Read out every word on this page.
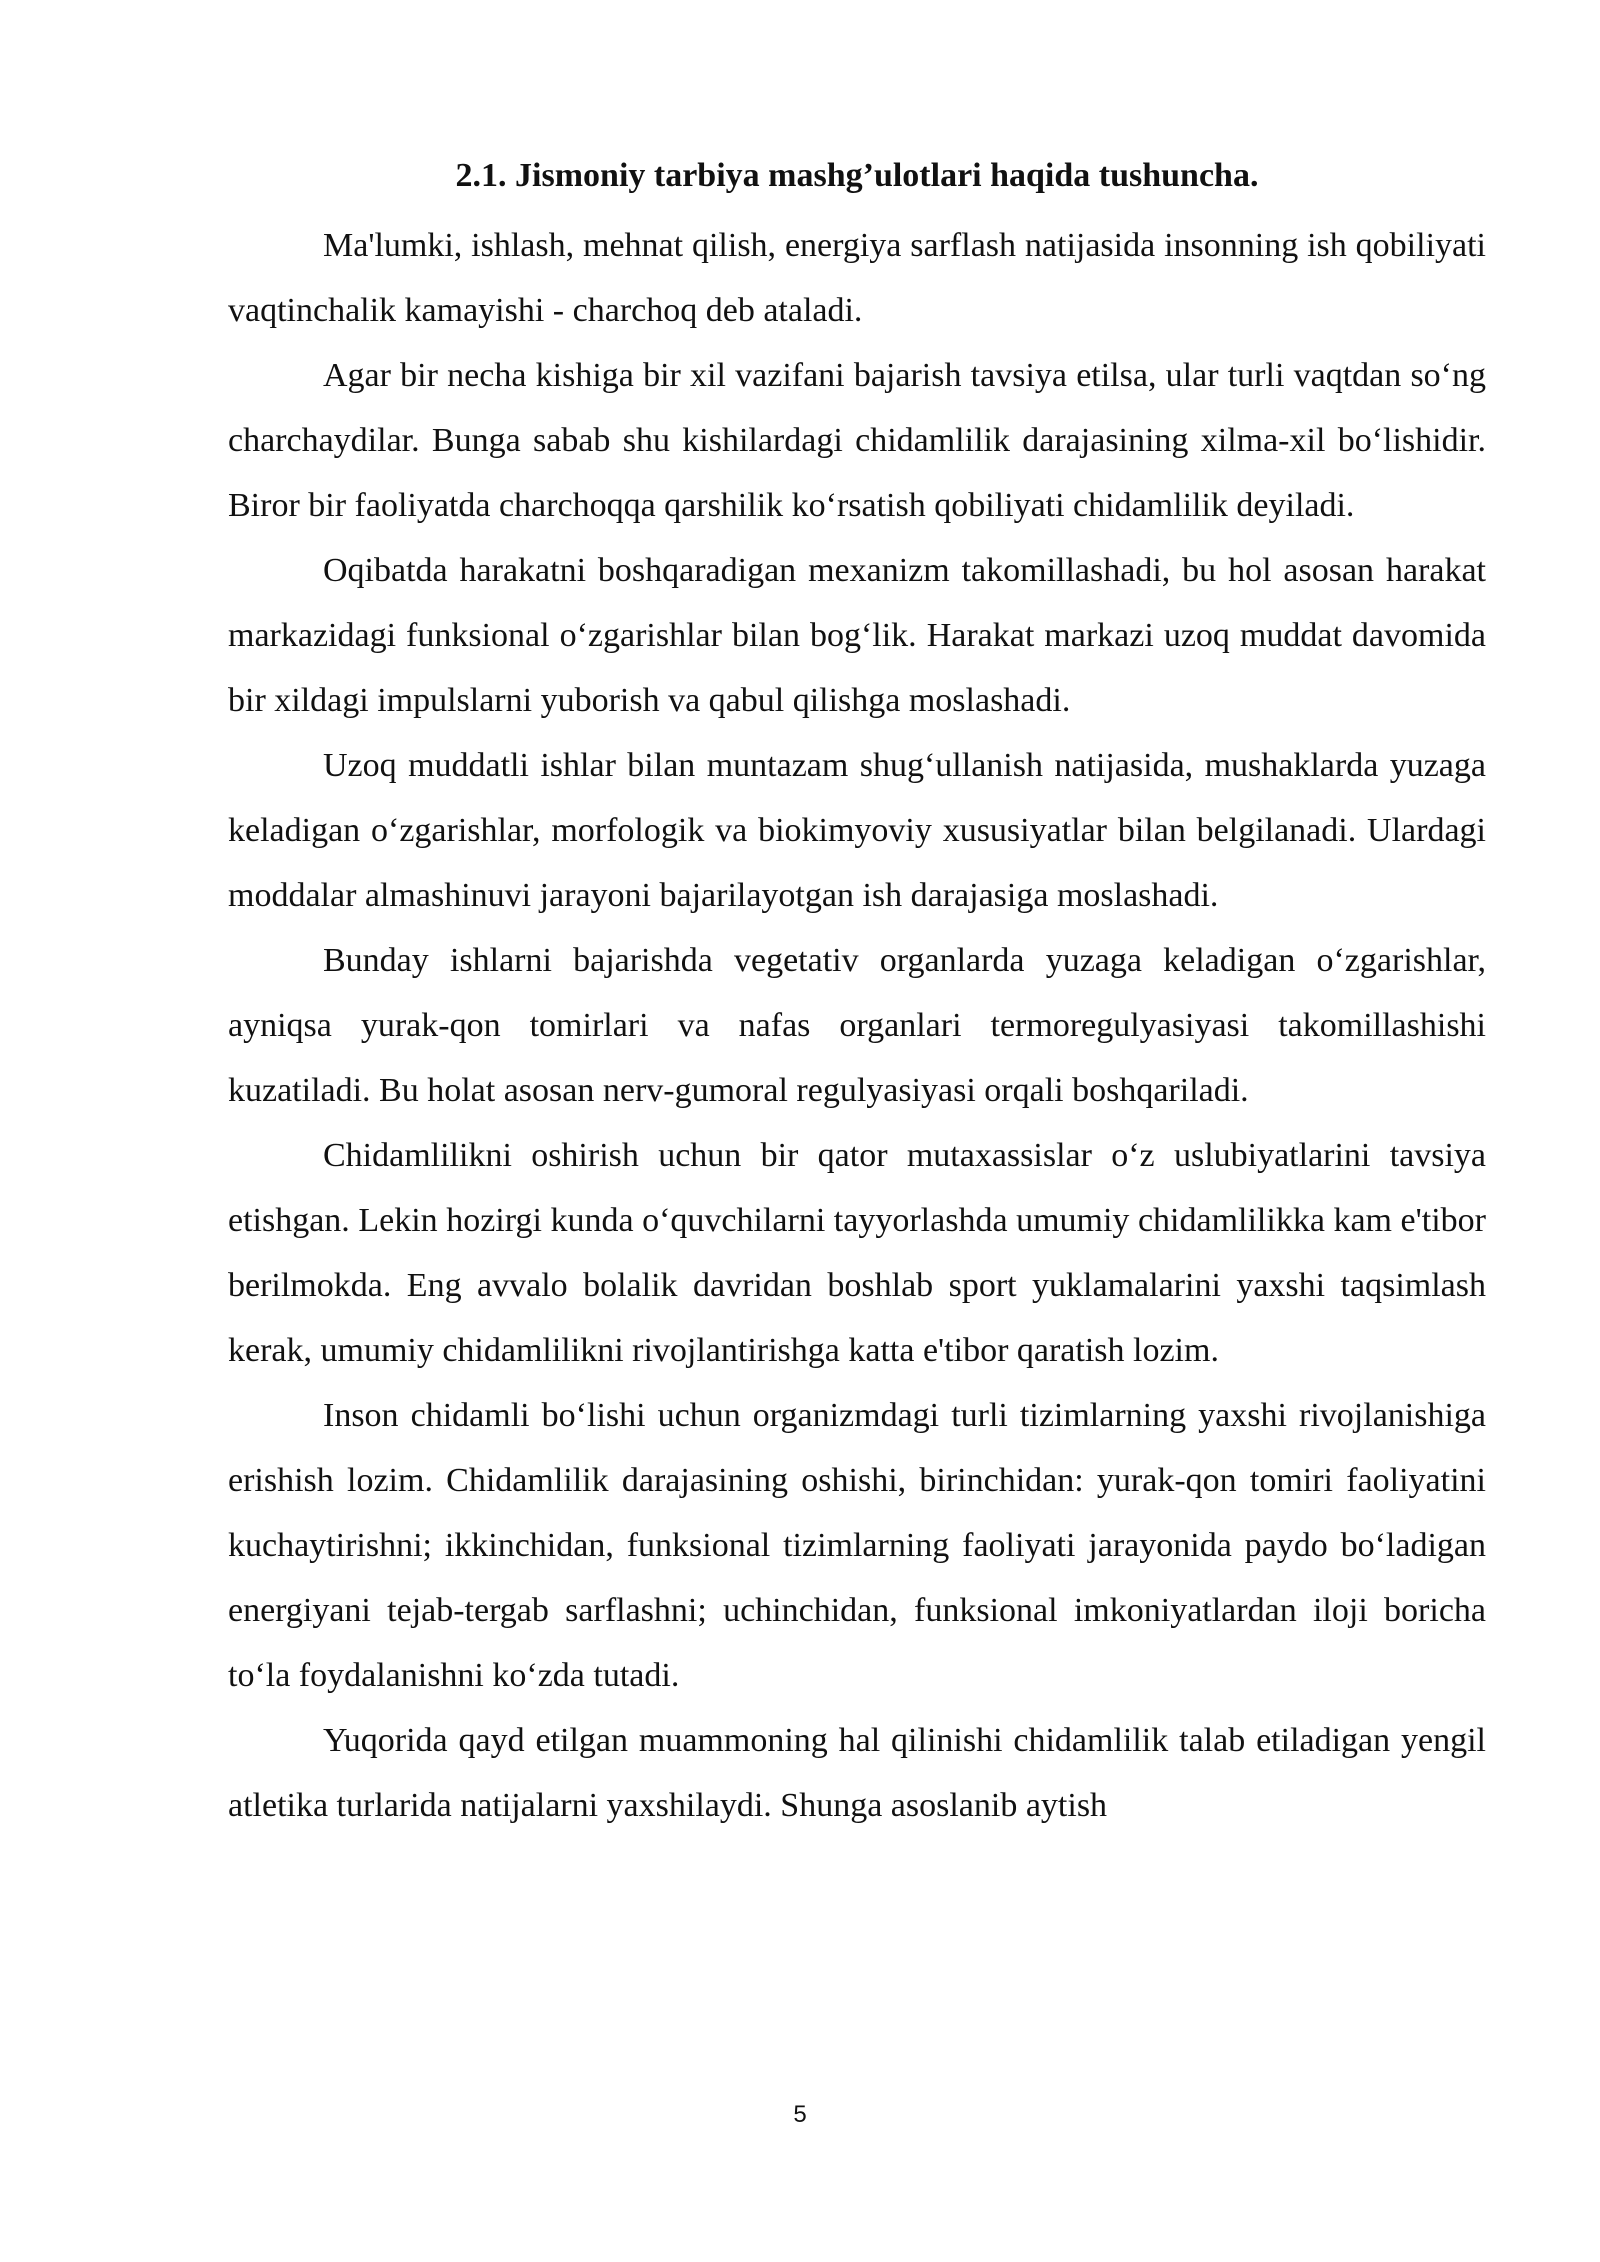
2.1. Jismoniy tarbiya mashg’ulotlari haqida tushuncha.

Ma'lumki, ishlash, mehnat qilish, energiya sarflash natijasida insonning ish qobiliyati vaqtinchalik kamayishi - charchoq deb ataladi.

Agar bir necha kishiga bir xil vazifani bajarish tavsiya etilsa, ular turli vaqtdan so‘ng charchaydilar. Bunga sabab shu kishilardagi chidamlilik darajasining xilma-xil bo‘lishidir. Biror bir faoliyatda charchoqqa qarshilik ko‘rsatish qobiliyati chidamlilik deyiladi.

Oqibatda harakatni boshqaradigan mexanizm takomillashadi, bu hol asosan harakat markazidagi funksional o‘zgarishlar bilan bog‘lik. Harakat markazi uzoq muddat davomida bir xildagi impulslarni yuborish va qabul qilishga moslashadi.

Uzoq muddatli ishlar bilan muntazam shug‘ullanish natijasida, mushaklarda yuzaga keladigan o‘zgarishlar, morfologik va biokimyoviy xususiyatlar bilan belgilanadi. Ulardagi moddalar almashinuvi jarayoni bajarilayotgan ish darajasiga moslashadi.

Bunday ishlarni bajarishda vegetativ organlarda yuzaga keladigan o‘zgarishlar, ayniqsa yurak-qon tomirlari va nafas organlari termoregulyasiyasi takomillashishi kuzatiladi. Bu holat asosan nerv-gumoral regulyasiyasi orqali boshqariladi.

Chidamlilikni oshirish uchun bir qator mutaxassislar o‘z uslubiyatlarini tavsiya etishgan. Lekin hozirgi kunda o‘quvchilarni tayyorlashda umumiy chidamlilikka kam e'tibor berilmokda. Eng avvalo bolalik davridan boshlab sport yuklamalarini yaxshi taqsimlash kerak, umumiy chidamlilikni rivojlantirishga katta e'tibor qaratish lozim.

Inson chidamli bo‘lishi uchun organizmdagi turli tizimlarning yaxshi rivojlanishiga erishish lozim. Chidamlilik darajasining oshishi, birinchidan: yurak-qon tomiri faoliyatini kuchaytirishni; ikkinchidan, funksional tizimlarning faoliyati jarayonida paydo bo‘ladigan energiyani tejab-tergab sarflashni; uchinchidan, funksional imkoniyatlardan iloji boricha to‘la foydalanishni ko‘zda tutadi.

Yuqorida qayd etilgan muammoning hal qilinishi chidamlilik talab etiladigan yengil atletika turlarida natijalarni yaxshilaydi. Shunga asoslanib aytish

5
